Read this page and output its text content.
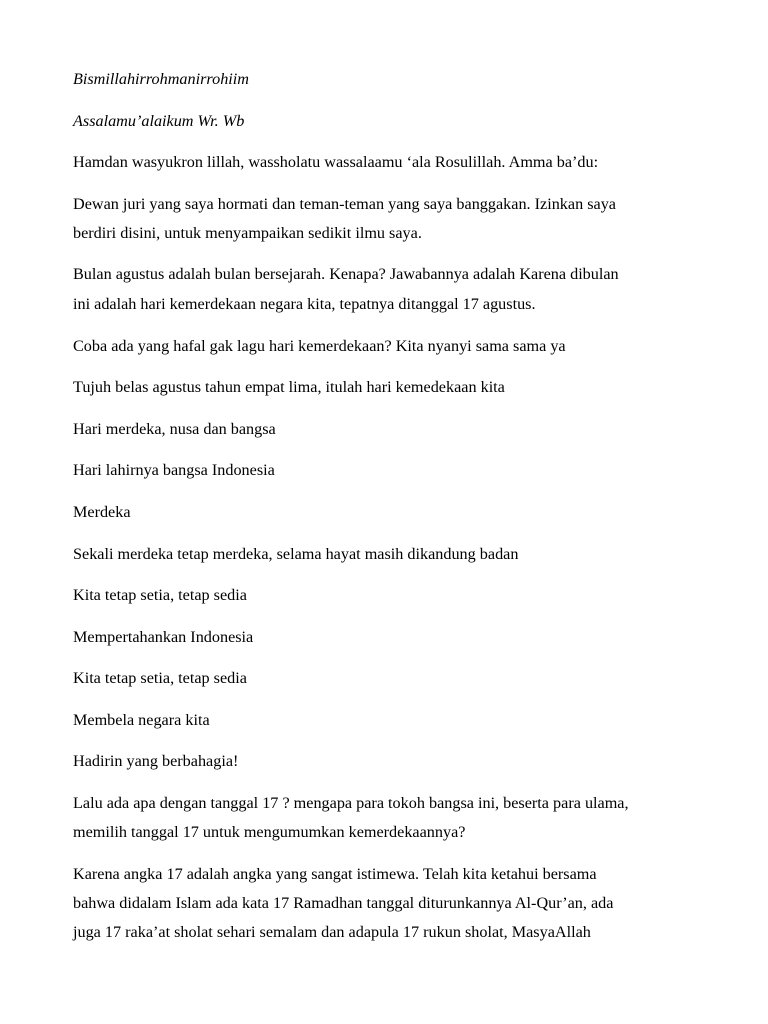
Bismillahirrohmanirrohiim
Assalamu’alaikum Wr. Wb
Hamdan wasyukron lillah, wassholatu wassalaamu ‘ala Rosulillah. Amma ba’du:
Dewan juri yang saya hormati dan teman-teman yang saya banggakan. Izinkan saya
berdiri disini, untuk menyampaikan sedikit ilmu saya.
Bulan agustus adalah bulan bersejarah. Kenapa? Jawabannya adalah Karena dibulan
ini adalah hari kemerdekaan negara kita, tepatnya ditanggal 17 agustus.
Coba ada yang hafal gak lagu hari kemerdekaan? Kita nyanyi sama sama ya
Tujuh belas agustus tahun empat lima, itulah hari kemedekaan kita
Hari merdeka, nusa dan bangsa
Hari lahirnya bangsa Indonesia
Merdeka
Sekali merdeka tetap merdeka, selama hayat masih dikandung badan
Kita tetap setia, tetap sedia
Mempertahankan Indonesia
Kita tetap setia, tetap sedia
Membela negara kita
Hadirin yang berbahagia!
Lalu ada apa dengan tanggal 17 ? mengapa para tokoh bangsa ini, beserta para ulama,
memilih tanggal 17 untuk mengumumkan kemerdekaannya?
Karena angka 17 adalah angka yang sangat istimewa. Telah kita ketahui bersama
bahwa didalam Islam ada kata 17 Ramadhan tanggal diturunkannya Al-Qur’an, ada
juga 17 raka’at sholat sehari semalam dan adapula 17 rukun sholat, MasyaAllah
